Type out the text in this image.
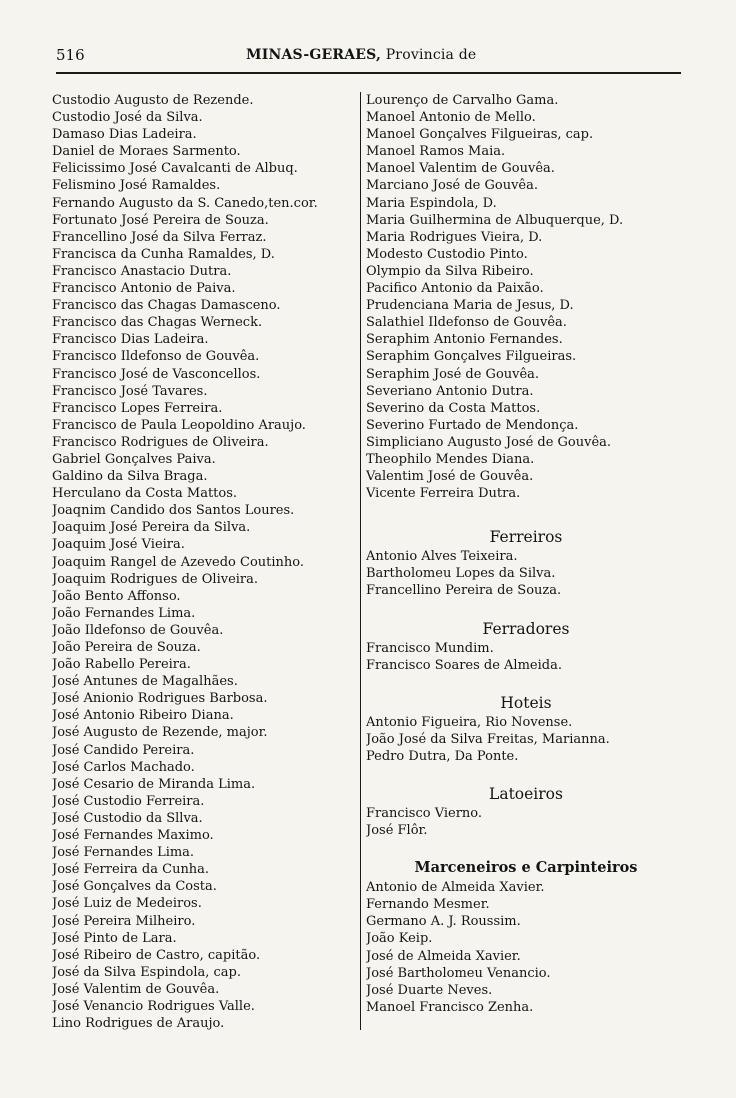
516	MINAS-GERAES, Provincia de
Custodio Augusto de Rezende.
Custodio José da Silva.
Damaso Dias Ladeira.
Daniel de Moraes Sarmento.
Felicissimo José Cavalcanti de Albuq.
Felismino José Ramaldes.
Fernando Augusto da S. Canedo,ten.cor.
Fortunato José Pereira de Souza.
Francellino José da Silva Ferraz.
Francisca da Cunha Ramaldes, D.
Francisco Anastacio Dutra.
Francisco Antonio de Paiva.
Francisco das Chagas Damasceno.
Francisco das Chagas Werneck.
Francisco Dias Ladeira.
Francisco Ildefonso de Gouvêa.
Francisco José de Vasconcellos.
Francisco José Tavares.
Francisco Lopes Ferreira.
Francisco de Paula Leopoldino Araujo.
Francisco Rodrigues de Oliveira.
Gabriel Gonçalves Paiva.
Galdino da Silva Braga.
Herculano da Costa Mattos.
Joaqnim Candido dos Santos Loures.
Joaquim José Pereira da Silva.
Joaquim José Vieira.
Joaquim Rangel de Azevedo Coutinho.
Joaquim Rodrigues de Oliveira.
João Bento Affonso.
João Fernandes Lima.
João Ildefonso de Gouvêa.
João Pereira de Souza.
João Rabello Pereira.
José Antunes de Magalhães.
José Anionio Rodrigues Barbosa.
José Antonio Ribeiro Diana.
José Augusto de Rezende, major.
José Candido Pereira.
José Carlos Machado.
José Cesario de Miranda Lima.
José Custodio Ferreira.
José Custodio da Sllva.
José Fernandes Maximo.
José Fernandes Lima.
José Ferreira da Cunha.
José Gonçalves da Costa.
José Luiz de Medeiros.
José Pereira Milheiro.
José Pinto de Lara.
José Ribeiro de Castro, capitão.
José da Silva Espindola, cap.
José Valentim de Gouvêa.
José Venancio Rodrigues Valle.
Lino Rodrigues de Araujo.
Lourenço de Carvalho Gama.
Manoel Antonio de Mello.
Manoel Gonçalves Filgueiras, cap.
Manoel Ramos Maia.
Manoel Valentim de Gouvêa.
Marciano José de Gouvêa.
Maria Espindola, D.
Maria Guilhermina de Albuquerque, D.
Maria Rodrigues Vieira, D.
Modesto Custodio Pinto.
Olympio da Silva Ribeiro.
Pacifico Antonio da Paixão.
Prudenciana Maria de Jesus, D.
Salathiel Ildefonso de Gouvêa.
Seraphim Antonio Fernandes.
Seraphim Gonçalves Filgueiras.
Seraphim José de Gouvêa.
Severiano Antonio Dutra.
Severino da Costa Mattos.
Severino Furtado de Mendonça.
Simpliciano Augusto José de Gouvêa.
Theophilo Mendes Diana.
Valentim José de Gouvêa.
Vicente Ferreira Dutra.
Ferreiros
Antonio Alves Teixeira.
Bartholomeu Lopes da Silva.
Francellino Pereira de Souza.
Ferradores
Francisco Mundim.
Francisco Soares de Almeida.
Hoteis
Antonio Figueira, Rio Novense.
João José da Silva Freitas, Marianna.
Pedro Dutra, Da Ponte.
Latoeiros
Francisco Vierno.
José Flôr.
Marceneiros e Carpinteiros
Antonio de Almeida Xavier.
Fernando Mesmer.
Germano A. J. Roussim.
João Keip.
José de Almeida Xavier.
José Bartholomeu Venancio.
José Duarte Neves.
Manoel Francisco Zenha.
